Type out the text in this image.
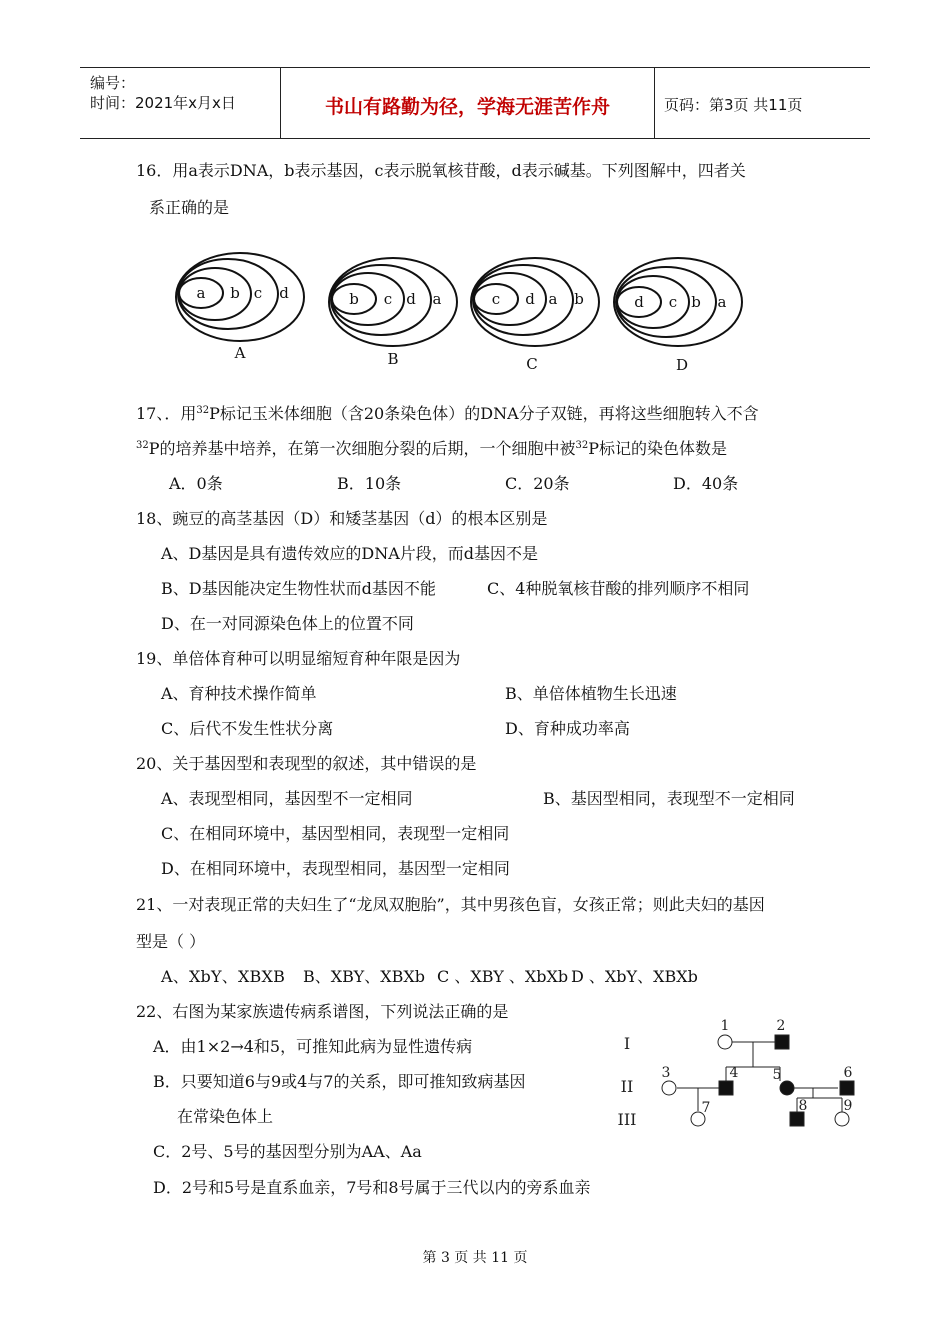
编号：
时间：2021年x月x日	书山有路勤为径，学海无涯苦作舟	页码：第3页 共11页
16．用a表示DNA，b表示基因，c表示脱氧核苷酸，d表示碱基。下列图解中，四者关
系正确的是
a b c d
A
b c d a
B
c d a b
C
d c b a
D
17、．用$^{32}$P标记玉米体细胞（含20条染色体）的DNA分子双链，再将这些细胞转入不含
$^{32}$P的培养基中培养，在第一次细胞分裂的后期，一个细胞中被$^{32}$P标记的染色体数是
A．0条	B．10条	C．20条	D．40条
18、豌豆的高茎基因（D）和矮茎基因（d）的根本区别是
A、D基因是具有遗传效应的DNA片段，而d基因不是
B、D基因能决定生物性状而d基因不能	C、4种脱氧核苷酸的排列顺序不相同
D、在一对同源染色体上的位置不同
19、单倍体育种可以明显缩短育种年限是因为
A、育种技术操作简单	B、单倍体植物生长迅速
C、后代不发生性状分离	D、育种成功率高
20、关于基因型和表现型的叙述，其中错误的是
A、表现型相同，基因型不一定相同	B、基因型相同，表现型不一定相同
C、在相同环境中，基因型相同，表现型一定相同
D、在相同环境中，表现型相同，基因型一定相同
21、一对表现正常的夫妇生了“龙凤双胞胎”，其中男孩色盲，女孩正常；则此夫妇的基因
型是（ ）
A、XbY、XBXB B、XBY、XBXb C 、XBY 、XbXb D 、XbY、XBXb
22、右图为某家族遗传病系谱图，下列说法正确的是
A．由1×2→4和5，可推知此病为显性遗传病
B．只要知道6与9或4与7的关系，即可推知致病基因
在常染色体上
C．2号、5号的基因型分别为AA、Aa
D．2号和5号是直系血亲，7号和8号属于三代以内的旁系血亲
I
II
III
1	2
3	4 5	6
7	8	9
第 3 页 共 11 页
